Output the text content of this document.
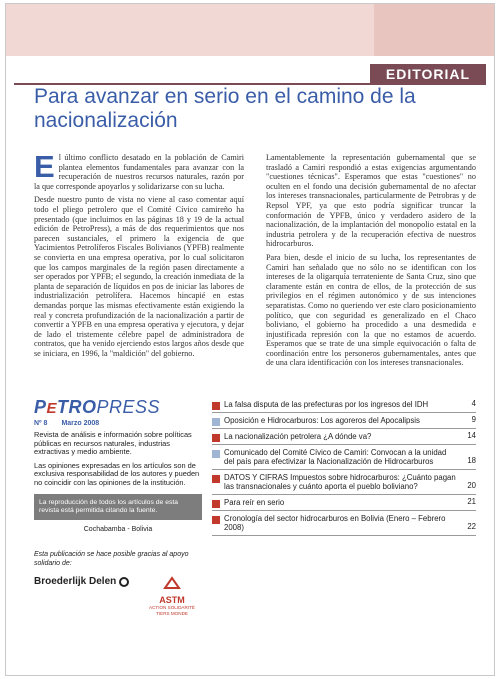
EDITORIAL
Para avanzar en serio en el camino de la nacionalización

El último conflicto desatado en la población de Camiri plantea elementos fundamentales para avanzar con la recuperación de nuestros recursos naturales, razón por la que corresponde apoyarlos y solidarizarse con su lucha.

Desde nuestro punto de vista no viene al caso comentar aquí todo el pliego petrolero que el Comité Cívico camireño ha presentado (que incluimos en las páginas 18 y 19 de la actual edición de PetroPress), a más de dos requerimientos que nos parecen sustanciales, el primero la exigencia de que Yacimientos Petrolíferos Fiscales Bolivianos (YPFB) realmente se convierta en una empresa operativa, por lo cual solicitaron que los campos marginales de la región pasen directamente a ser operados por YPFB; el segundo, la creación inmediata de la planta de separación de líquidos en pos de iniciar las labores de industrialización petrolífera. Hacemos hincapié en estas demandas porque las mismas efectivamente están exigiendo la real y concreta profundización de la nacionalización a partir de convertir a YPFB en una empresa operativa y ejecutora, y dejar de lado el tristemente célebre papel de administradora de contratos, que ha venido ejerciendo estos largos años desde que se iniciara, en 1996, la "maldición" del gobierno.

Lamentablemente la representación gubernamental que se trasladó a Camiri respondió a estas exigencias argumentando "cuestiones técnicas". Esperamos que estas "cuestiones" no oculten en el fondo una decisión gubernamental de no afectar los intereses transnacionales, particularmente de Petrobras y de Repsol YPF, ya que esto podría significar truncar la conformación de YPFB, único y verdadero asidero de la nacionalización, de la implantación del monopolio estatal en la industria petrolera y de la recuperación efectiva de nuestros hidrocarburos.

Para bien, desde el inicio de su lucha, los representantes de Camiri han señalado que no sólo no se identifican con los intereses de la oligarquía terrateniente de Santa Cruz, sino que claramente están en contra de ellos, de la protección de sus privilegios en el régimen autonómico y de sus intenciones separatistas. Como no queriendo ver este claro posicionamiento político, que con seguridad es generalizado en el Chaco boliviano, el gobierno ha procedido a una desmedida e injustificada represión con la que no estamos de acuerdo. Esperamos que se trate de una simple equivocación o falta de coordinación entre los personeros gubernamentales, antes que de una clara identificación con los intereses transnacionales.

PETROPRESS
Nº 8 Marzo 2008
Revista de análisis e información sobre políticas públicas en recursos naturales, industrias extractivas y medio ambiente.
Las opiniones expresadas en los artículos son de exclusiva responsabilidad de los autores y pueden no coincidir con las opiniones de la institución.
La reproducción de todos los artículos de esta revista está permitida citando la fuente.
Cochabamba - Bolivia
Esta publicación se hace posible gracias al apoyo solidario de:
Broederlijk Delen
ASTM
ACTION SOLIDARITÉ TIERS MONDE
La falsa disputa de las prefecturas por los ingresos del IDH	4
Oposición e Hidrocarburos: Los agoreros del Apocalipsis	9
La nacionalización petrolera ¿A dónde va?	14
Comunicado del Comité Cívico de Camiri: Convocan a la unidad del país para efectivizar la Nacionalización de Hidrocarburos	18
DATOS Y CIFRAS Impuestos sobre hidrocarburos: ¿Cuánto pagan las transnacionales y cuánto aporta el pueblo boliviano?	20
Para reír en serio	21
Cronología del sector hidrocarburos en Bolivia (Enero – Febrero 2008)	22
